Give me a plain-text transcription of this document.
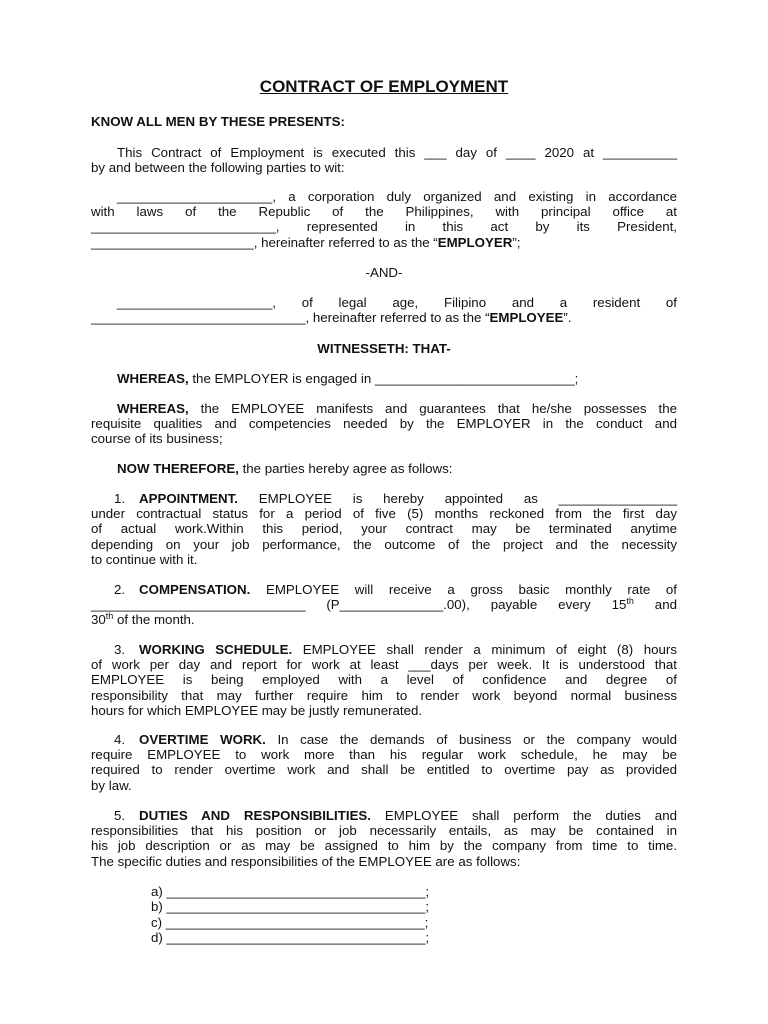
CONTRACT OF EMPLOYMENT

KNOW ALL MEN BY THESE PRESENTS:

This Contract of Employment is executed this ___ day of ____ 2020 at __________
by and between the following parties to wit:
_____________________, a corporation duly organized and existing in accordance
with laws of the Republic of the Philippines, with principal office at
_________________________, represented in this act by its President,
______________________, hereinafter referred to as the “EMPLOYER”;

-AND-

_____________________, of legal age, Filipino and a resident of
_____________________________, hereinafter referred to as the “EMPLOYEE”.

WITNESSETH: THAT-

WHEREAS, the EMPLOYER is engaged in ___________________________;
WHEREAS, the EMPLOYEE manifests and guarantees that he/she possesses the
requisite qualities and competencies needed by the EMPLOYER in the conduct and
course of its business;
NOW THEREFORE, the parties hereby agree as follows:
1. APPOINTMENT. EMPLOYEE is hereby appointed as ________________
under contractual status for a period of five (5) months reckoned from the first day
of actual work.Within this period, your contract may be terminated anytime
depending on your job performance, the outcome of the project and the necessity
to continue with it.
2. COMPENSATION. EMPLOYEE will receive a gross basic monthly rate of
_____________________________ (P______________.00), payable every 15th and
30th of the month.
3. WORKING SCHEDULE. EMPLOYEE shall render a minimum of eight (8) hours
of work per day and report for work at least ___days per week. It is understood that
EMPLOYEE is being employed with a level of confidence and degree of
responsibility that may further require him to render work beyond normal business
hours for which EMPLOYEE may be justly remunerated.
4. OVERTIME WORK. In case the demands of business or the company would
require EMPLOYEE to work more than his regular work schedule, he may be
required to render overtime work and shall be entitled to overtime pay as provided
by law.
5. DUTIES AND RESPONSIBILITIES. EMPLOYEE shall perform the duties and
responsibilities that his position or job necessarily entails, as may be contained in
his job description or as may be assigned to him by the company from time to time.
The specific duties and responsibilities of the EMPLOYEE are as follows:
a) ___________________________________;
b) ___________________________________;
c) ___________________________________;
d) ___________________________________;
